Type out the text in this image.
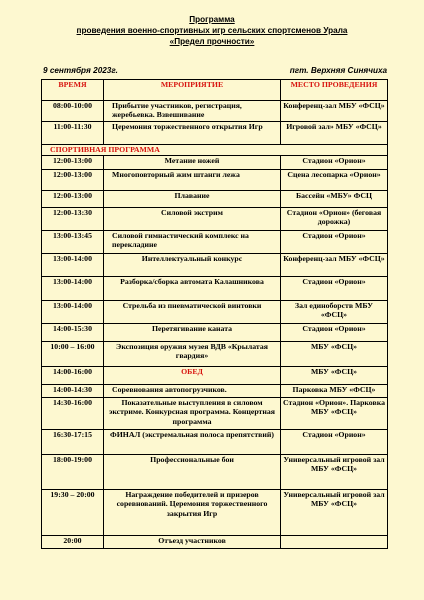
Программа
проведения военно-спортивных игр сельских спортсменов Урала
«Предел прочности»
9 сентября 2023г.	пгт. Верхняя Синячиха
ВРЕМЯ	МЕРОПРИЯТИЕ	МЕСТО ПРОВЕДЕНИЯ
08:00-10:00	Прибытие участников, регистрация, жеребьевка. Взвешивание	Конференц-зал МБУ «ФСЦ»
11:00-11:30	Церемония торжественного открытия Игр	Игровой зал» МБУ «ФСЦ»
СПОРТИВНАЯ ПРОГРАММА		
12:00-13:00	Метание ножей	Стадион «Орион»
12:00-13:00	Многоповторный жим штанги лежа	Сцена лесопарка «Орион»
12:00-13:00	Плавание	Бассейн «МБУ» ФСЦ
12:00-13:30	Силовой экстрим	Стадион «Орион» (беговая дорожка)
13:00-13:45	Силовой гимнастический комплекс на перекладине	Стадион «Орион»
13:00-14:00	Интеллектуальный конкурс	Конференц-зал МБУ «ФСЦ»
13:00-14:00	Разборка/сборка автомата Калашникова	Стадион «Орион»
13:00-14:00	Стрельба из пневматической винтовки	Зал единоборств МБУ «ФСЦ»
14:00-15:30	Перетягивание каната	Стадион «Орион»
10:00 – 16:00	Экспозиция оружия музея ВДВ «Крылатая гвардия»	МБУ «ФСЦ»
14:00-16:00	ОБЕД	МБУ «ФСЦ»
14:00-14:30	Соревнования автопогрузчиков.	Парковка МБУ «ФСЦ»
14:30-16:00	Показательные выступления в силовом экстриме. Конкурсная программа. Концертная программа	Стадион «Орион». Парковка МБУ «ФСЦ»
16:30-17:15	ФИНАЛ (экстремальная полоса препятствий)	Стадион «Орион»
18:00-19:00	Профессиональные бои	Универсальный игровой зал МБУ «ФСЦ»
19:30 – 20:00	Награждение победителей и призеров соревнований. Церемония торжественного закрытия Игр	Универсальный игровой зал МБУ «ФСЦ»
20:00	Отъезд участников	
